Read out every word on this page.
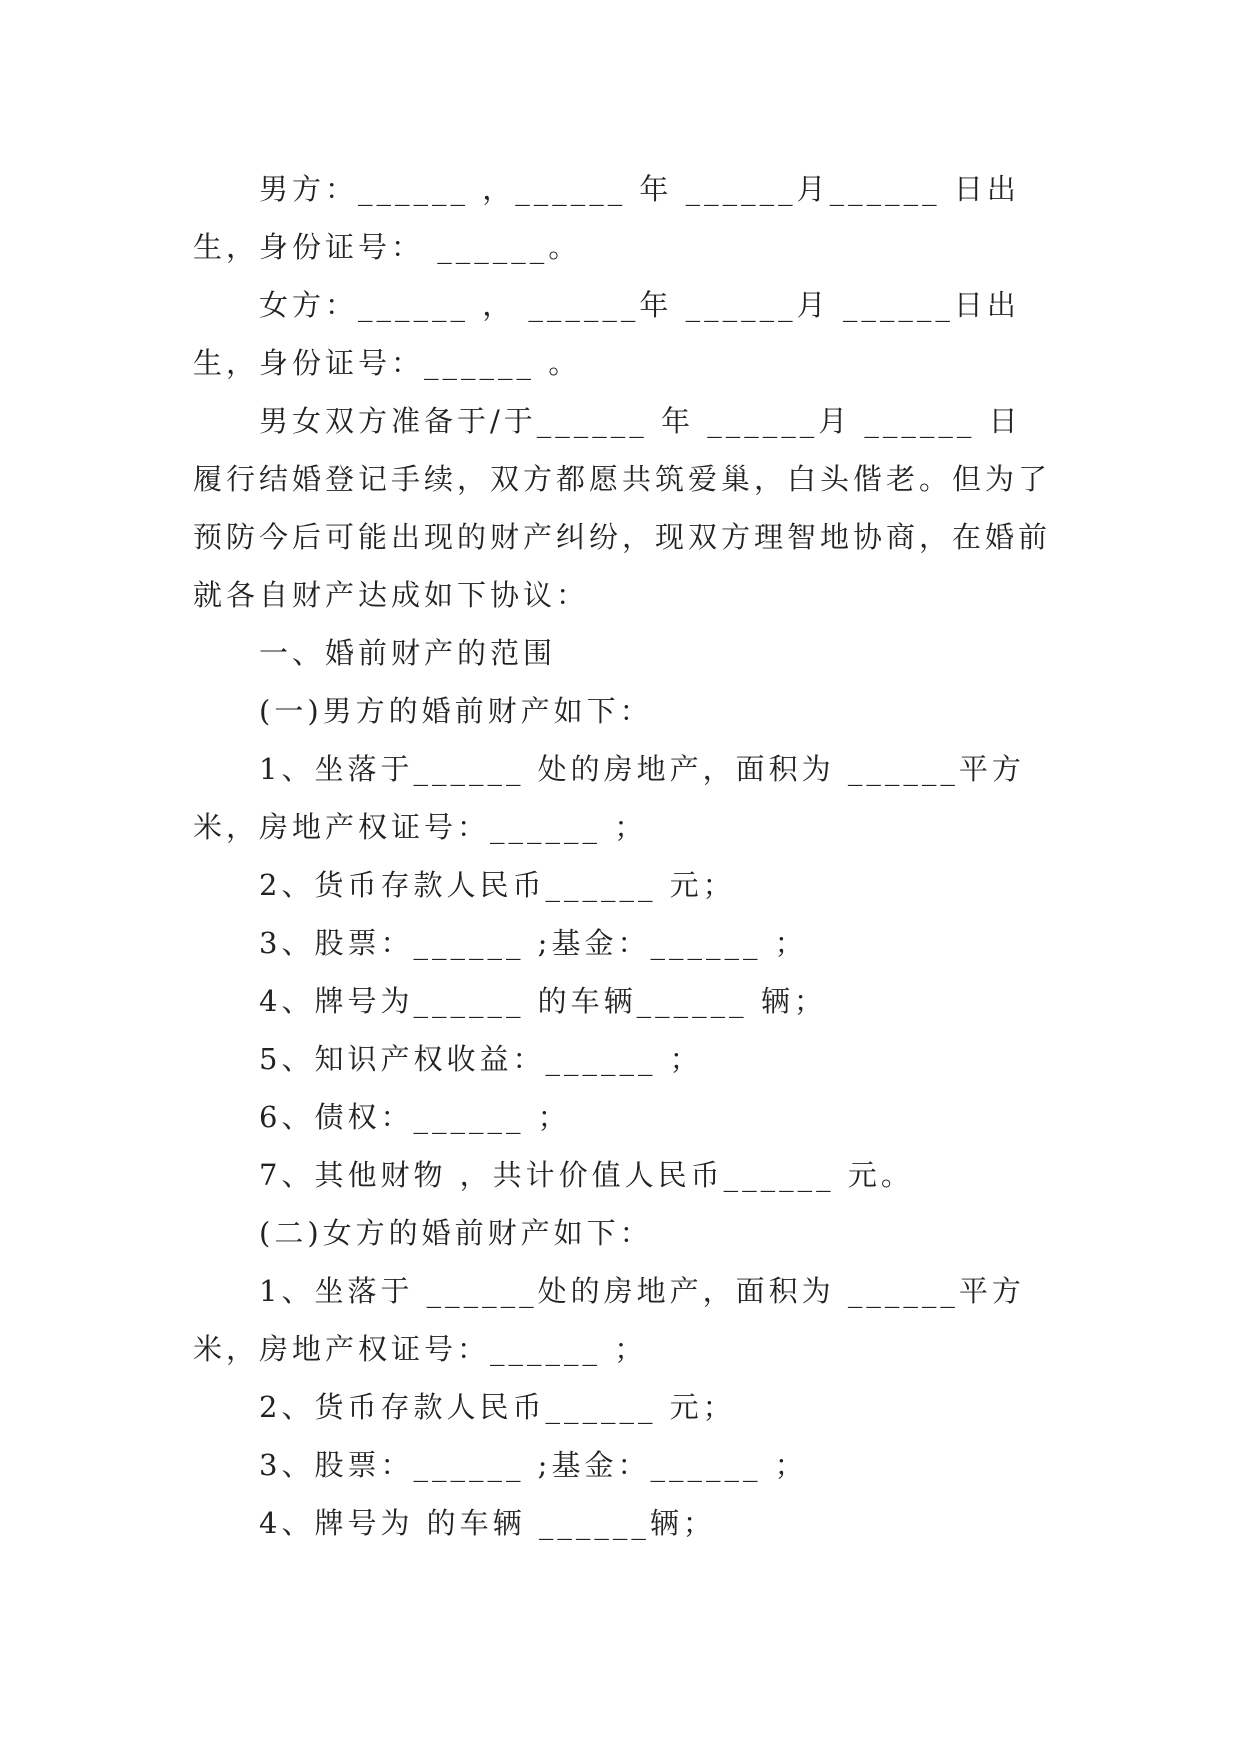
男方：______ ，______ 年 ______月______ 日出生，身份证号： ______。

女方：______ ， ______年 ______月 ______日出生，身份证号：______ 。

男女双方准备于/于______ 年 ______月 ______ 日履行结婚登记手续，双方都愿共筑爱巢，白头偕老。但为了预防今后可能出现的财产纠纷，现双方理智地协商，在婚前就各自财产达成如下协议：

一、婚前财产的范围

(一)男方的婚前财产如下：

1、坐落于______ 处的房地产，面积为 ______平方米，房地产权证号：______ ；

2、货币存款人民币______ 元；

3、股票：______ ;基金：______ ；

4、牌号为______ 的车辆______ 辆；

5、知识产权收益：______ ；

6、债权：______ ；

7、其他财物 ，共计价值人民币______ 元。

(二)女方的婚前财产如下：

1、坐落于 ______处的房地产，面积为 ______平方米，房地产权证号：______ ；

2、货币存款人民币______ 元；

3、股票：______ ;基金：______ ；

4、牌号为 的车辆 ______辆；
